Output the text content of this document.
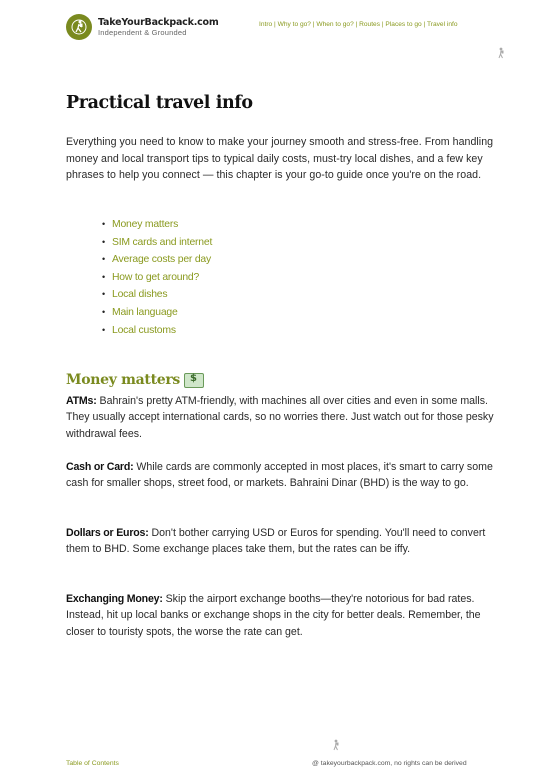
TakeYourBackpack.com
Independent & Grounded
Intro | Why to go? | When to go? | Routes | Places to go | Travel info
Practical travel info
Everything you need to know to make your journey smooth and stress-free. From handling money and local transport tips to typical daily costs, must-try local dishes, and a few key phrases to help you connect — this chapter is your go-to guide once you're on the road.
• Money matters
• SIM cards and internet
• Average costs per day
• How to get around?
• Local dishes
• Main language
• Local customs
Money matters
$
ATMs: Bahrain's pretty ATM-friendly, with machines all over cities and even in some malls. They usually accept international cards, so no worries there. Just watch out for those pesky withdrawal fees.
Cash or Card: While cards are commonly accepted in most places, it's smart to carry some cash for smaller shops, street food, or markets. Bahraini Dinar (BHD) is the way to go.
Dollars or Euros: Don't bother carrying USD or Euros for spending. You'll need to convert them to BHD. Some exchange places take them, but the rates can be iffy.
Exchanging Money: Skip the airport exchange booths—they're notorious for bad rates. Instead, hit up local banks or exchange shops in the city for better deals. Remember, the closer to touristy spots, the worse the rate can get.
Table of Contents	@ takeyourbackpack.com, no rights can be derived
